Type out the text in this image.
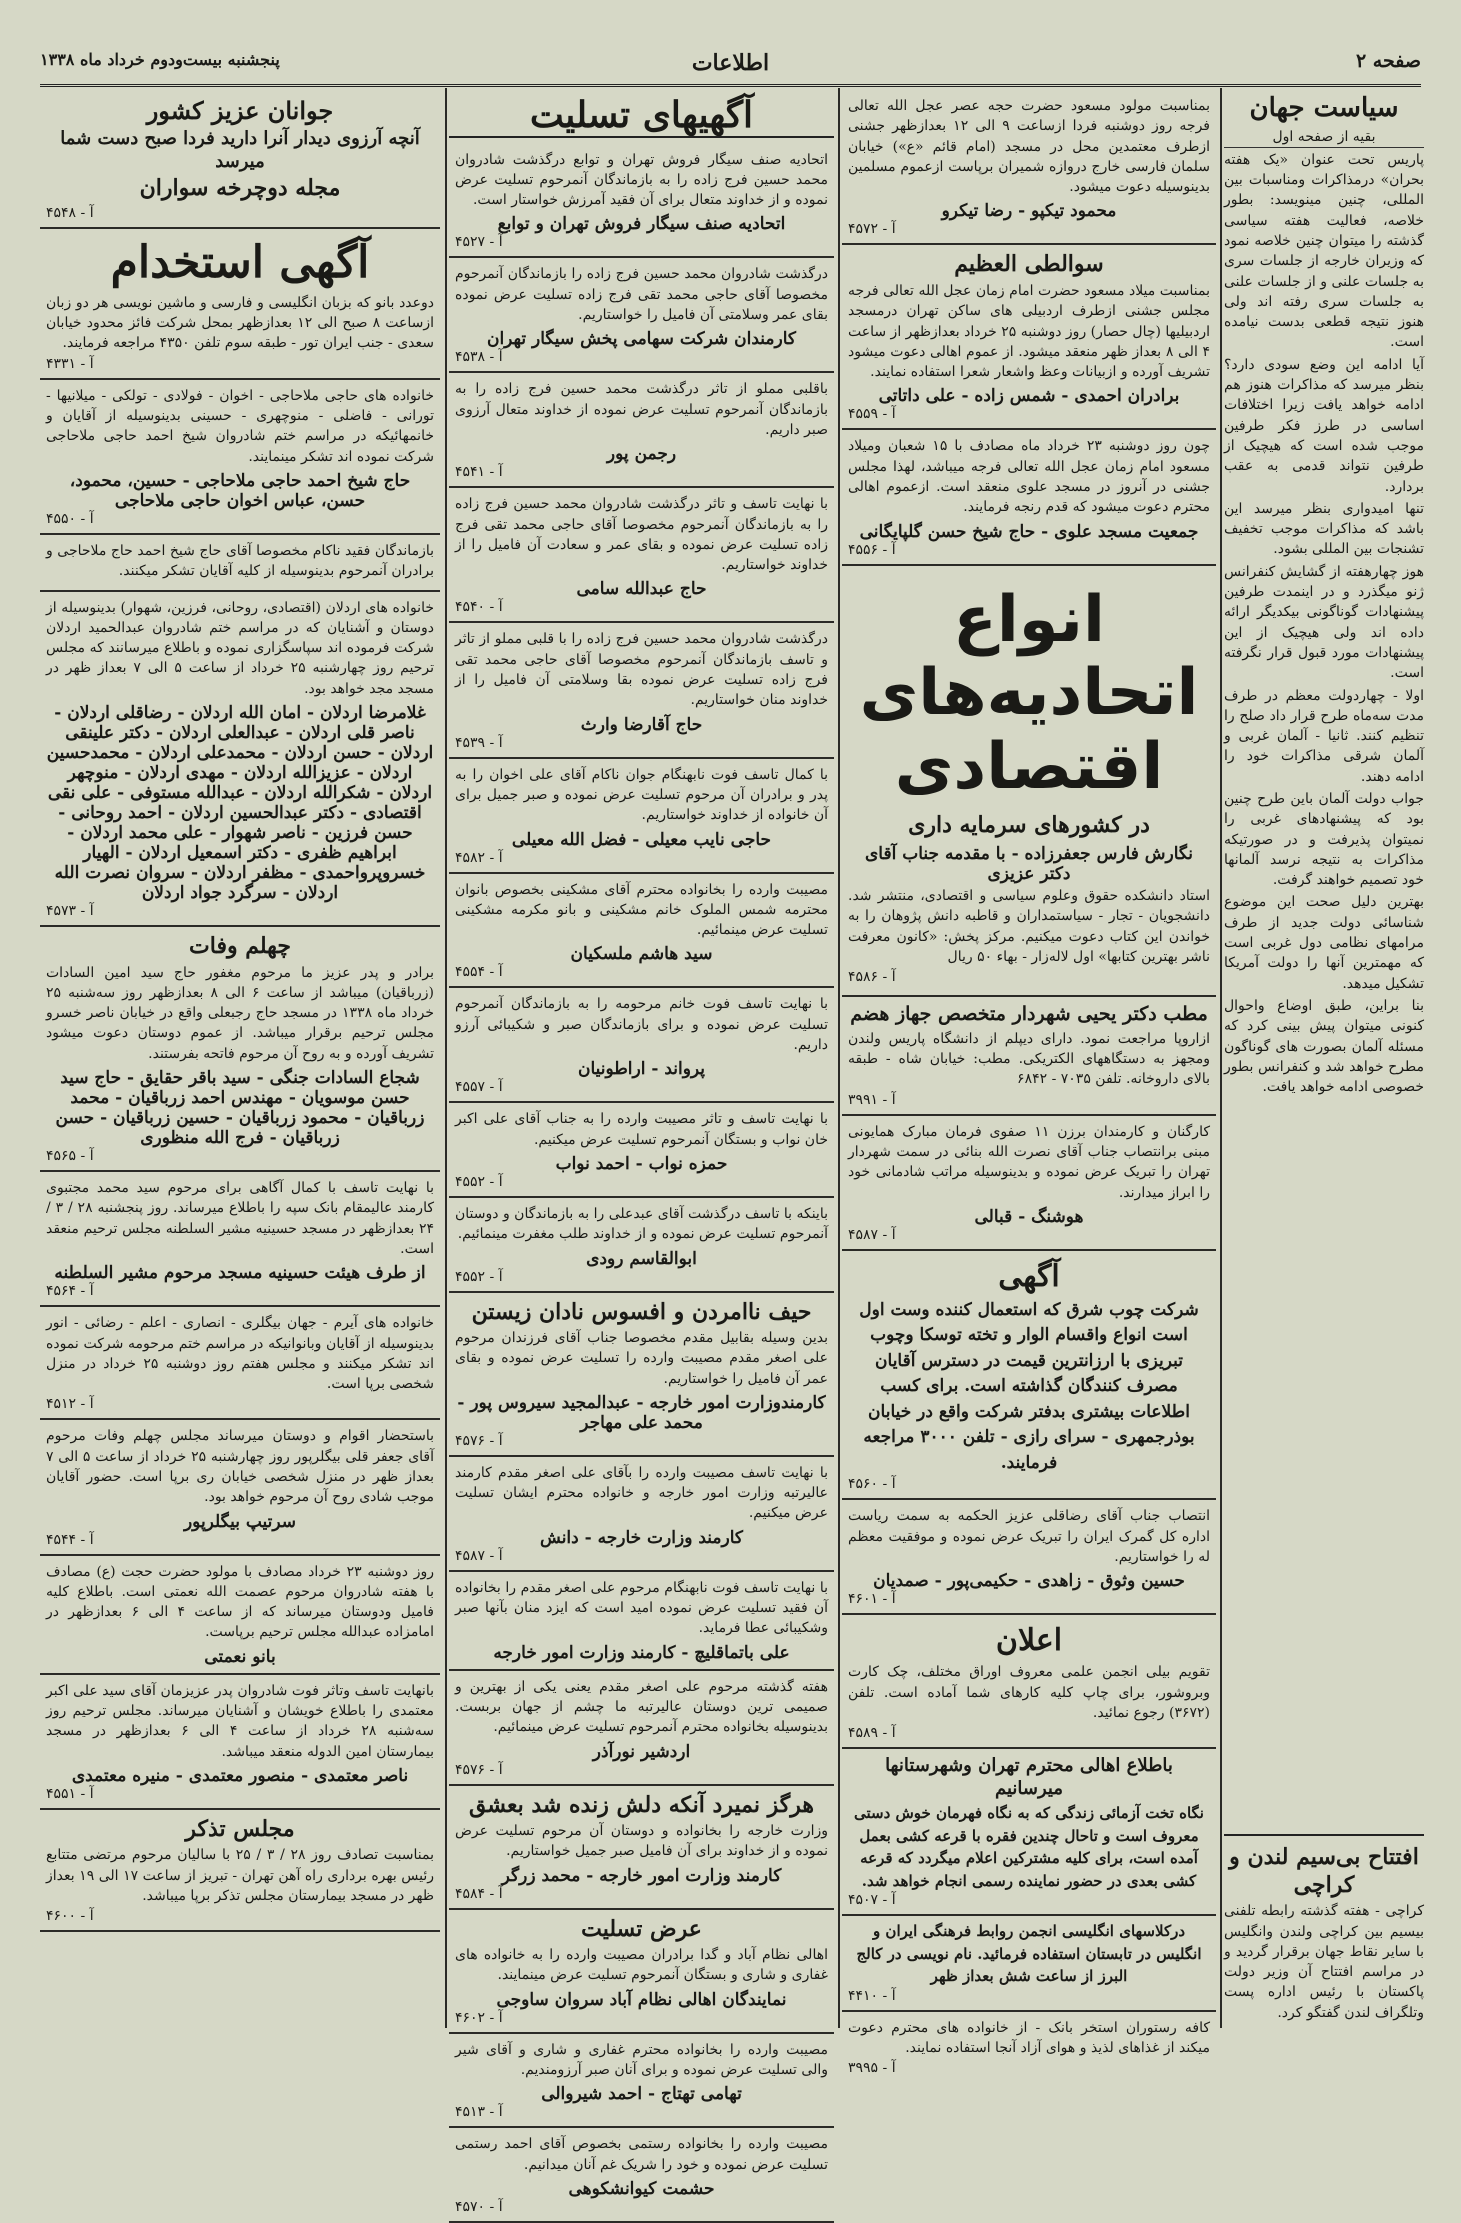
صفحه ۲
اطلاعات
پنجشنبه بیست‌ودوم خرداد ماه ۱۳۳۸
سیاست جهان
بقیه از صفحه اول
پاریس تحت عنوان «یک هفته بحران» درمذاکرات ومناسبات بین المللی، چنین مینویسد: بطور خلاصه، فعالیت هفته سیاسی گذشته را میتوان چنین خلاصه نمود که وزیران خارجه از جلسات سری به جلسات علنی و از جلسات علنی به جلسات سری رفته اند ولی هنوز نتیجه قطعی بدست نیامده است.
آیا ادامه این وضع سودی دارد؟ بنظر میرسد که مذاکرات هنوز هم ادامه خواهد یافت زیرا اختلافات اساسی در طرز فکر طرفین موجب شده است که هیچیک از طرفین نتواند قدمی به عقب بردارد.
تنها امیدواری بنظر میرسد این باشد که مذاکرات موجب تخفیف تشنجات بین المللی بشود.
هوز چهارهفته از گشایش کنفرانس ژنو میگذرد و در اینمدت طرفین پیشنهادات گوناگونی بیکدیگر ارائه داده اند ولی هیچیک از این پیشنهادات مورد قبول قرار نگرفته است.
اولا - چهاردولت معظم در طرف مدت سه‌ماه طرح قرار داد صلح را تنظیم کنند. ثانیا - آلمان غربی و آلمان شرقی مذاکرات خود را ادامه دهند.
جواب دولت آلمان باین طرح چنین بود که پیشنهادهای غربی را نمیتوان پذیرفت و در صورتیکه مذاکرات به نتیجه نرسد آلمانها خود تصمیم خواهند گرفت.
بهترین دلیل صحت این موضوع شناسائی دولت جدید از طرف مرامهای نظامی دول غربی است که مهمترین آنها را دولت آمریکا تشکیل میدهد.
بنا براین، طبق اوضاع واحوال کنونی میتوان پیش بینی کرد که مسئله آلمان بصورت های گوناگون مطرح خواهد شد و کنفرانس بطور خصوصی ادامه خواهد یافت.
افتتاح بی‌سیم لندن و کراچی
کراچی - هفته گذشته رابطه تلفنی بیسیم بین کراچی ولندن وانگلیس با سایر نقاط جهان برقرار گردید و در مراسم افتتاح آن وزیر دولت پاکستان با رئیس اداره پست وتلگراف لندن گفتگو کرد.
بمناسبت مولود مسعود حضرت حجه عصر عجل الله تعالی فرجه روز دوشنبه فردا ازساعت ۹ الی ۱۲ بعدازظهر جشنی ازطرف معتمدین محل در مسجد (امام قائم «ع») خیابان سلمان فارسی خارج دروازه شمیران برپاست ازعموم مسلمین بدینوسیله دعوت میشود.
محمود تیکپو - رضا تیکرو
آ - ۴۵۷۲
سوالطی العظیم
بمناسبت میلاد مسعود حضرت امام زمان عجل الله تعالی فرجه مجلس جشنی ازطرف اردبیلی های ساکن تهران درمسجد اردبیلیها (چال حصار) روز دوشنبه ۲۵ خرداد بعدازظهر از ساعت ۴ الی ۸ بعداز ظهر منعقد میشود. از عموم اهالی دعوت میشود تشریف آورده و ازبیانات وعظ واشعار شعرا استفاده نمایند.
برادران احمدی - شمس زاده - علی داتاتی
آ - ۴۵۵۹
چون روز دوشنبه ۲۳ خرداد ماه مصادف با ۱۵ شعبان ومیلاد مسعود امام زمان عجل الله تعالی فرجه میباشد، لهذا مجلس جشنی در آنروز در مسجد علوی منعقد است. ازعموم اهالی محترم دعوت میشود که قدم رنجه فرمایند.
جمعیت مسجد علوی - حاج شیخ حسن گلپایگانی
آ - ۴۵۵۶
انواع اتحادیه‌های اقتصادی
در کشورهای سرمایه داری
نگارش فارس جعفرزاده - با مقدمه جناب آقای دکتر عزیزی
استاد دانشکده حقوق وعلوم سیاسی و اقتصادی، منتشر شد. دانشجویان - تجار - سیاستمداران و قاطبه دانش پژوهان را به خواندن این کتاب دعوت میکنیم. مرکز پخش: «کانون معرفت ناشر بهترین کتابها» اول لاله‌زار - بهاء ۵۰ ریال
آ - ۴۵۸۶
مطب دکتر یحیی شهردار متخصص جهاز هضم
ازاروپا مراجعت نمود. دارای دیپلم از دانشگاه پاریس ولندن ومجهز به دستگاههای الکتریکی. مطب: خیابان شاه - طبقه بالای داروخانه. تلفن ۷۰۳۵ - ۶۸۴۲
آ - ۳۹۹۱
کارگنان و کارمندان برزن ۱۱ صفوی فرمان مبارک همایونی مبنی برانتصاب جناب آقای نصرت الله بنائی در سمت شهردار تهران را تبریک عرض نموده و بدینوسیله مراتب شادمانی خود را ابراز میدارند.
هوشنگ - قبالی
آ - ۴۵۸۷
آگهی
شرکت چوب شرق که استعمال کننده وست اول است انواع واقسام الوار و تخته توسکا وچوب تبریزی با ارزانترین قیمت در دسترس آقایان مصرف کنندگان گذاشته است. برای کسب اطلاعات بیشتری بدفتر شرکت واقع در خیابان بوذرجمهری - سرای رازی - تلفن ۳۰۰۰ مراجعه فرمایند.
آ - ۴۵۶۰
انتصاب جناب آقای رضاقلی عزیز الحکمه به سمت ریاست اداره کل گمرک ایران را تبریک عرض نموده و موفقیت معظم له را خواستاریم.
حسین وثوق - زاهدی - حکیمی‌پور - صمدیان
آ - ۴۶۰۱
اعلان
تقویم بیلی انجمن علمی معروف اوراق مختلف، چک کارت وبروشور، برای چاپ کلیه کارهای شما آماده است. تلفن (۳۶۷۲) رجوع نمائید.
آ - ۴۵۸۹
باطلاع اهالی محترم تهران وشهرستانها میرسانیم
نگاه تخت آزمائی زندگی که به نگاه فهرمان خوش دستی معروف است و تاحال چندین فقره با قرعه کشی بعمل آمده است، برای کلیه مشترکین اعلام میگردد که قرعه کشی بعدی در حضور نماینده رسمی انجام خواهد شد.
آ - ۴۵۰۷
درکلاسهای انگلیسی انجمن روابط فرهنگی ایران و انگلیس در تابستان استفاده فرمائید. نام نویسی در کالج البرز از ساعت شش بعداز ظهر
آ - ۴۴۱۰
کافه رستوران استخر بانک - از خانواده های محترم دعوت میکند از غذاهای لذیذ و هوای آزاد آنجا استفاده نمایند.
آ - ۳۹۹۵
آگهیهای تسلیت
اتحادیه صنف سیگار فروش تهران و توابع درگذشت شادروان محمد حسین فرج زاده را به بازماندگان آنمرحوم تسلیت عرض نموده و از خداوند متعال برای آن فقید آمرزش خواستار است.
اتحادیه صنف سیگار فروش تهران و توابع
آ - ۴۵۲۷
درگذشت شادروان محمد حسین فرج زاده را بازماندگان آنمرحوم مخصوصا آقای حاجی محمد تقی فرج زاده تسلیت عرض نموده بقای عمر وسلامتی آن فامیل را خواستاریم.
کارمندان شرکت سهامی پخش سیگار تهران
آ - ۴۵۳۸
باقلبی مملو از تاثر درگذشت محمد حسین فرج زاده را به بازماندگان آنمرحوم تسلیت عرض نموده از خداوند متعال آرزوی صبر داریم.
رجمن پور
آ - ۴۵۴۱
با نهایت تاسف و تاثر درگذشت شادروان محمد حسین فرج زاده را به بازماندگان آنمرحوم مخصوصا آقای حاجی محمد تقی فرج زاده تسلیت عرض نموده و بقای عمر و سعادت آن فامیل را از خداوند خواستاریم.
حاج عبدالله سامی
آ - ۴۵۴۰
درگذشت شادروان محمد حسین فرج زاده را با قلبی مملو از تاثر و تاسف بازماندگان آنمرحوم مخصوصا آقای حاجی محمد تقی فرج زاده تسلیت عرض نموده بقا وسلامتی آن فامیل را از خداوند منان خواستاریم.
حاج آقارضا وارث
آ - ۴۵۳۹
با کمال تاسف فوت نابهنگام جوان ناکام آقای علی اخوان را به پدر و برادران آن مرحوم تسلیت عرض نموده و صبر جمیل برای آن خانواده از خداوند خواستاریم.
حاجی نایب معیلی - فضل الله معیلی
آ - ۴۵۸۲
مصیبت وارده را بخانواده محترم آقای مشکینی بخصوص بانوان محترمه شمس الملوک خانم مشکینی و بانو مکرمه مشکینی تسلیت عرض مینمائیم.
سید هاشم ملسکیان
آ - ۴۵۵۴
با نهایت تاسف فوت خانم مرحومه را به بازماندگان آنمرحوم تسلیت عرض نموده و برای بازماندگان صبر و شکیبائی آرزو داریم.
پرواند - اراطونیان
آ - ۴۵۵۷
با نهایت تاسف و تاثر مصیبت وارده را به جناب آقای علی اکبر خان نواب و بستگان آنمرحوم تسلیت عرض میکنیم.
حمزه نواب - احمد نواب
آ - ۴۵۵۲
باینکه با تاسف درگذشت آقای عبدعلی را به بازماندگان و دوستان آنمرحوم تسلیت عرض نموده و از خداوند طلب مغفرت مینمائیم.
ابوالقاسم رودی
آ - ۴۵۵۲
حیف ناامردن و افسوس نادان زیستن
بدین وسیله بقابیل مقدم مخصوصا جناب آقای فرزندان مرحوم علی اصغر مقدم مصیبت وارده را تسلیت عرض نموده و بقای عمر آن فامیل را خواستاریم.
کارمندوزارت امور خارجه - عبدالمجید سیروس پور - محمد علی مهاجر
آ - ۴۵۷۶
با نهایت تاسف مصیبت وارده را بآقای علی اصغر مقدم کارمند عالیرتبه وزارت امور خارجه و خانواده محترم ایشان تسلیت عرض میکنیم.
کارمند وزارت خارجه - دانش
آ - ۴۵۸۷
با نهایت تاسف فوت نابهنگام مرحوم علی اصغر مقدم را بخانواده آن فقید تسلیت عرض نموده امید است که ایزد منان بآنها صبر وشکیبائی عطا فرماید.
علی باتماقلیچ - کارمند وزارت امور خارجه
هفته گذشته مرحوم علی اصغر مقدم یعنی یکی از بهترین و صمیمی ترین دوستان عالیرتبه ما چشم از جهان بربست. بدینوسیله بخانواده محترم آنمرحوم تسلیت عرض مینمائیم.
اردشیر نورآذر
آ - ۴۵۷۶
هرگز نمیرد آنکه دلش زنده شد بعشق
وزارت خارجه را بخانواده و دوستان آن مرحوم تسلیت عرض نموده و از خداوند برای آن فامیل صبر جمیل خواستاریم.
کارمند وزارت امور خارجه - محمد زرگر
آ - ۴۵۸۴
عرض تسلیت
اهالی نظام آباد و گدا برادران مصیبت وارده را به خانواده های غفاری و شاری و بستگان آنمرحوم تسلیت عرض مینمایند.
نمایندگان اهالی نظام آباد سروان ساوجی
آ - ۴۶۰۲
مصیبت وارده را بخانواده محترم غفاری و شاری و آقای شیر والی تسلیت عرض نموده و برای آنان صبر آرزومندیم.
تهامی تهتاج - احمد شیروالی
آ - ۴۵۱۳
مصیبت وارده را بخانواده رستمی بخصوص آقای احمد رستمی تسلیت عرض نموده و خود را شریک غم آنان میدانیم.
حشمت کیوانشکوهی
آ - ۴۵۷۰
جوانان عزیز کشور
آنچه آرزوی دیدار آنرا دارید فردا صبح دست شما میرسد
مجله دوچرخه سواران
آ - ۴۵۴۸
آگهی استخدام
دوعدد بانو که بزبان انگلیسی و فارسی و ماشین نویسی هر دو زبان ازساعت ۸ صبح الی ۱۲ بعدازظهر بمحل شرکت فائز محدود خیابان سعدی - جنب ایران تور - طبقه سوم تلفن ۴۳۵۰ مراجعه فرمایند.
آ - ۴۳۳۱
خانواده های حاجی ملاحاجی - اخوان - فولادی - تولکی - میلانیها - تورانی - فاضلی - منوچهری - حسینی بدینوسیله از آقایان و خانمهائیکه در مراسم ختم شادروان شیخ احمد حاجی ملاحاجی شرکت نموده اند تشکر مینمایند.
حاج شیخ احمد حاجی ملاحاجی - حسین، محمود، حسن، عباس اخوان حاجی ملاحاجی
آ - ۴۵۵۰
بازماندگان فقید ناکام مخصوصا آقای حاج شیخ احمد حاج ملاحاجی و برادران آنمرحوم بدینوسیله از کلیه آقایان تشکر میکنند.
خانواده های اردلان (اقتصادی، روحانی، فرزین، شهوار) بدینوسیله از دوستان و آشنایان که در مراسم ختم شادروان عبدالحمید اردلان شرکت فرموده اند سپاسگزاری نموده و باطلاع میرسانند که مجلس ترحیم روز چهارشنبه ۲۵ خرداد از ساعت ۵ الی ۷ بعداز ظهر در مسجد مجد خواهد بود.
غلامرضا اردلان - امان الله اردلان - رضاقلی اردلان - ناصر قلی اردلان - عبدالعلی اردلان - دکتر علینقی اردلان - حسن اردلان - محمدعلی اردلان - محمدحسین اردلان - عزیزالله اردلان - مهدی اردلان - منوچهر اردلان - شکرالله اردلان - عبدالله مستوفی - علی نقی اقتصادی - دکتر عبدالحسین اردلان - احمد روحانی - حسن فرزین - ناصر شهوار - علی محمد اردلان - ابراهیم ظفری - دکتر اسمعیل اردلان - الهیار خسروپرواحمدی - مظفر اردلان - سروان نصرت الله اردلان - سرگرد جواد اردلان
آ - ۴۵۷۳
چهلم وفات
برادر و پدر عزیز ما مرحوم مغفور حاج سید امین السادات (زرباقیان) میباشد از ساعت ۶ الی ۸ بعدازظهر روز سه‌شنبه ۲۵ خرداد ماه ۱۳۳۸ در مسجد حاج رجبعلی واقع در خیابان ناصر خسرو مجلس ترحیم برقرار میباشد. از عموم دوستان دعوت میشود تشریف آورده و به روح آن مرحوم فاتحه بفرستند.
شجاع السادات جنگی - سید باقر حقایق - حاج سید حسن موسویان - مهندس احمد زرباقیان - محمد زرباقیان - محمود زرباقیان - حسین زرباقیان - حسن زرباقیان - فرج الله منظوری
آ - ۴۵۶۵
با نهایت تاسف با کمال آگاهی برای مرحوم سید محمد مجتبوی کارمند عالیمقام بانک سپه را باطلاع میرساند. روز پنجشنبه ۲۸ / ۳ / ۲۴ بعدازظهر در مسجد حسینیه مشیر السلطنه مجلس ترحیم منعقد است.
از طرف هیئت حسینیه مسجد مرحوم مشیر السلطنه
آ - ۴۵۶۴
خانواده های آیرم - جهان بیگلری - انصاری - اعلم - رضائی - انور بدینوسیله از آقایان وبانوانیکه در مراسم ختم مرحومه شرکت نموده اند تشکر میکنند و مجلس هفتم روز دوشنبه ۲۵ خرداد در منزل شخصی برپا است.
آ - ۴۵۱۲
باستحضار اقوام و دوستان میرساند مجلس چهلم وفات مرحوم آقای جعفر قلی بیگلرپور روز چهارشنبه ۲۵ خرداد از ساعت ۵ الی ۷ بعداز ظهر در منزل شخصی خیابان ری برپا است. حضور آقایان موجب شادی روح آن مرحوم خواهد بود.
سرتیپ بیگلرپور
آ - ۴۵۴۴
روز دوشنبه ۲۳ خرداد مصادف با مولود حضرت حجت (ع) مصادف با هفته شادروان مرحوم عصمت الله نعمتی است. باطلاع کلیه فامیل ودوستان میرساند که از ساعت ۴ الی ۶ بعدازظهر در امامزاده عبدالله مجلس ترحیم برپاست.
بانو نعمتی
بانهایت تاسف وتاثر فوت شادروان پدر عزیزمان آقای سید علی اکبر معتمدی را باطلاع خویشان و آشنایان میرساند. مجلس ترحیم روز سه‌شنبه ۲۸ خرداد از ساعت ۴ الی ۶ بعدازظهر در مسجد بیمارستان امین الدوله منعقد میباشد.
ناصر معتمدی - منصور معتمدی - منیره معتمدی
آ - ۴۵۵۱
مجلس تذکر
بمناسبت تصادف روز ۲۸ / ۳ / ۲۵ با سالیان مرحوم مرتضی متتابع رئیس بهره برداری راه آهن تهران - تبریز از ساعت ۱۷ الی ۱۹ بعداز ظهر در مسجد بیمارستان مجلس تذکر برپا میباشد.
آ - ۴۶۰۰
